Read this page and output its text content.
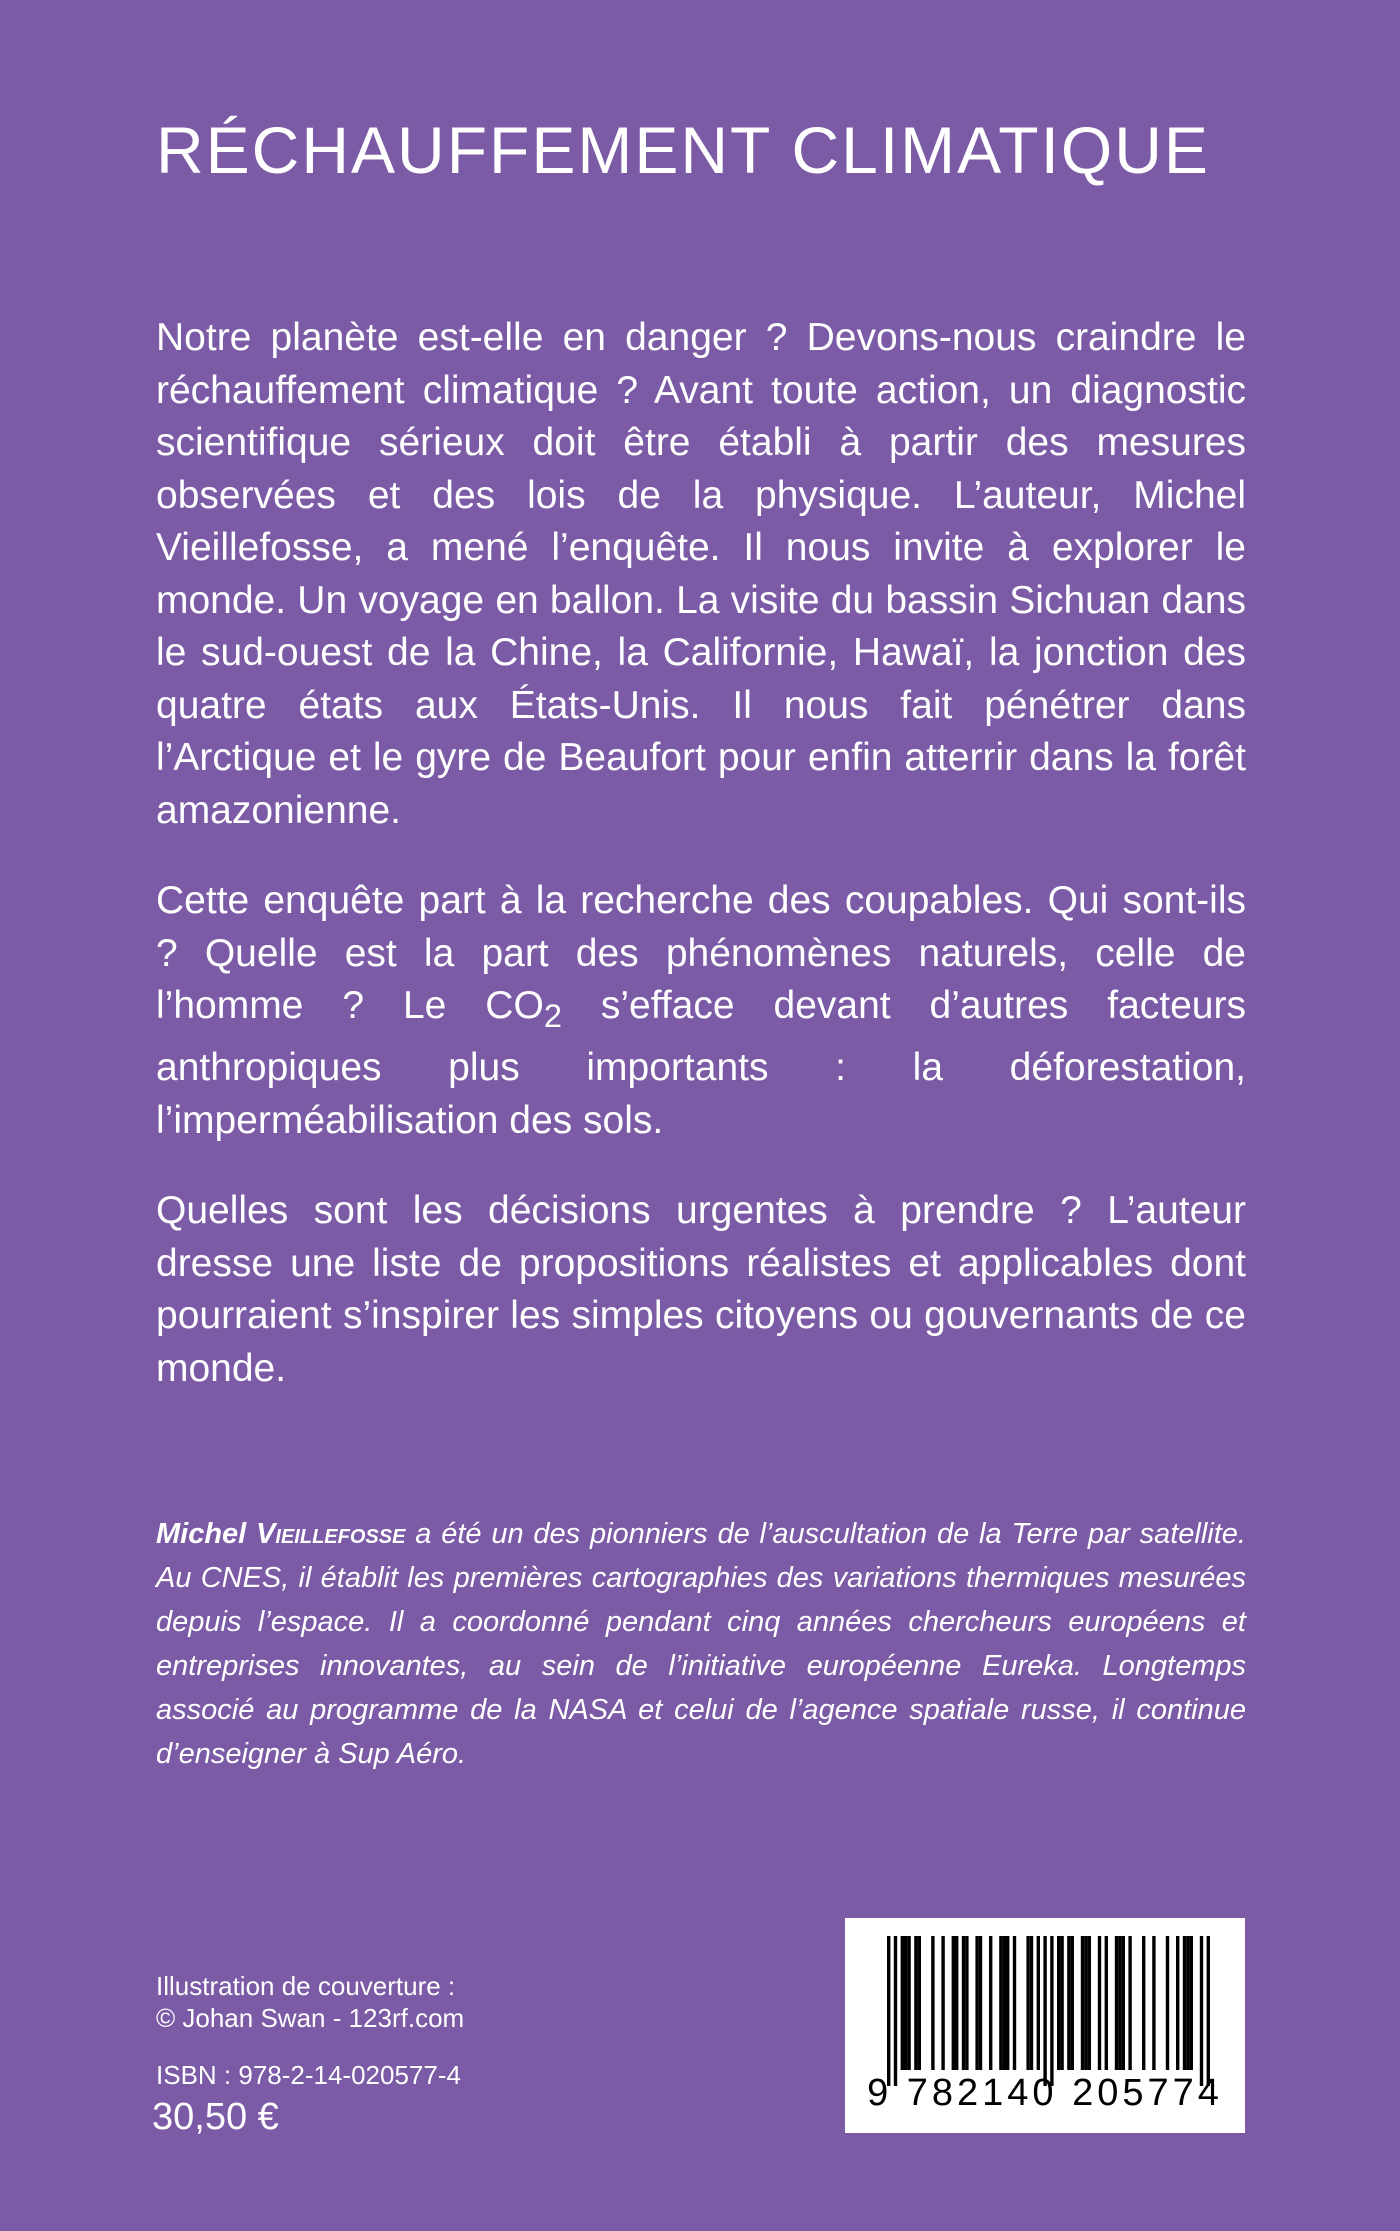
RÉCHAUFFEMENT CLIMATIQUE

Notre planète est-elle en danger ? Devons-nous craindre le réchauffement climatique ? Avant toute action, un diagnostic scientifique sérieux doit être établi à partir des mesures observées et des lois de la physique. L’auteur, Michel Vieillefosse, a mené l’enquête. Il nous invite à explorer le monde. Un voyage en ballon. La visite du bassin Sichuan dans le sud-ouest de la Chine, la Californie, Hawaï, la jonction des quatre états aux États-Unis. Il nous fait pénétrer dans l’Arctique et le gyre de Beaufort pour enfin atterrir dans la forêt amazonienne.

Cette enquête part à la recherche des coupables. Qui sont-ils ? Quelle est la part des phénomènes naturels, celle de l’homme ? Le $CO_2$ s’efface devant d’autres facteurs anthropiques plus importants : la déforestation, l’imperméabilisation des sols.

Quelles sont les décisions urgentes à prendre ? L’auteur dresse une liste de propositions réalistes et applicables dont pourraient s’inspirer les simples citoyens ou gouvernants de ce monde.

Michel Vieillefosse a été un des pionniers de l’auscultation de la Terre par satellite. Au CNES, il établit les premières cartographies des variations thermiques mesurées depuis l’espace. Il a coordonné pendant cinq années chercheurs européens et entreprises innovantes, au sein de l’initiative européenne Eureka. Longtemps associé au programme de la NASA et celui de l’agence spatiale russe, il continue d’enseigner à Sup Aéro.

Illustration de couverture :
© Johan Swan - 123rf.com
ISBN : 978-2-14-020577-4
30,50 €
9 782140 205774
